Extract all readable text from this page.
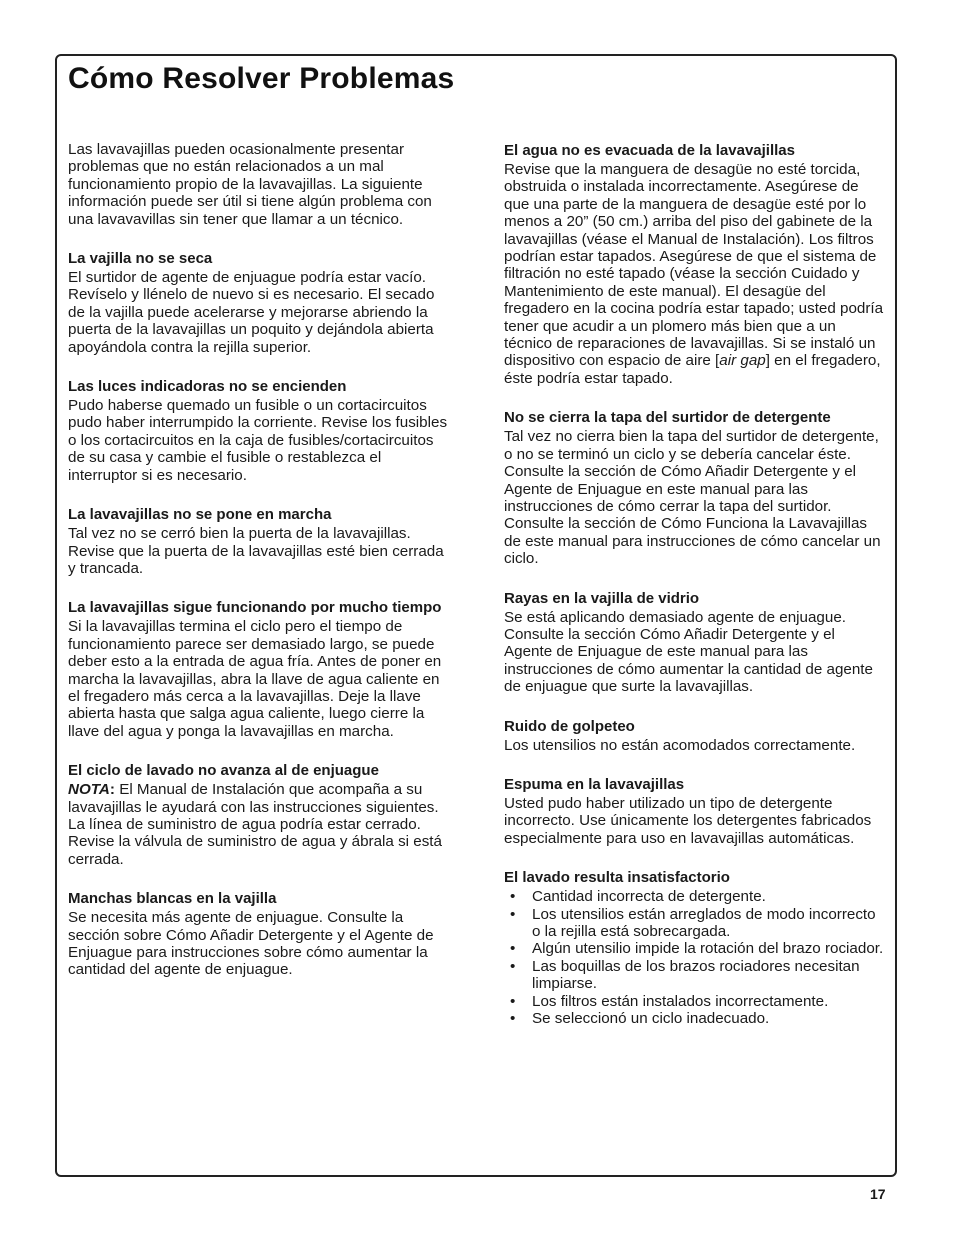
Cómo Resolver Problemas

Las lavavajillas pueden ocasionalmente presentar problemas que no están relacionados a un mal funcionamiento propio de la lavavajillas. La siguiente información puede ser útil si tiene algún problema con una lavavavillas sin tener que llamar a un técnico.

La vajilla no se seca

El surtidor de agente de enjuague podría estar vacío. Revíselo y llénelo de nuevo si es necesario. El secado de la vajilla puede acelerarse y mejorarse abriendo la puerta de la lavavajillas un poquito y dejándola abierta apoyándola contra la rejilla superior.

Las luces indicadoras no se encienden

Pudo haberse quemado un fusible o un cortacircuitos pudo haber interrumpido la corriente. Revise los fusibles o los cortacircuitos en la caja de fusibles/cortacircuitos de su casa y cambie el fusible o restablezca el interruptor si es necesario.

La lavavajillas no se pone en marcha

Tal vez no se cerró bien la puerta de la lavavajillas. Revise que la puerta de la lavavajillas esté bien cerrada y trancada.

La lavavajillas sigue funcionando por mucho tiempo

Si la lavavajillas termina el ciclo pero el tiempo de funcionamiento parece ser demasiado largo, se puede deber esto a la entrada de agua fría. Antes de poner en marcha la lavavajillas, abra la llave de agua caliente en el fregadero más cerca a la lavavajillas. Deje la llave abierta hasta que salga agua caliente, luego cierre la llave del agua y ponga la lavavajillas en marcha.

El ciclo de lavado no avanza al de enjuague

NOTA: El Manual de Instalación que acompaña a su lavavajillas le ayudará con las instrucciones siguientes. La línea de suministro de agua podría estar cerrado. Revise la válvula de suministro de agua y ábrala si está cerrada.

Manchas blancas en la vajilla

Se necesita más agente de enjuague. Consulte la sección sobre Cómo Añadir Detergente y el Agente de Enjuague para instrucciones sobre cómo aumentar la cantidad del agente de enjuague.

El agua no es evacuada de la lavavajillas

Revise que la manguera de desagüe no esté torcida, obstruida o instalada incorrectamente. Asegúrese de que una parte de la manguera de desagüe esté por lo menos a 20” (50 cm.) arriba del piso del gabinete de la lavavajillas (véase el Manual de Instalación). Los filtros podrían estar tapados. Asegúrese de que el sistema de filtración no esté tapado (véase la sección Cuidado y Mantenimiento de este manual). El desagüe del fregadero en la cocina podría estar tapado; usted podría tener que acudir a un plomero más bien que a un técnico de reparaciones de lavavajillas. Si se instaló un dispositivo con espacio de aire [air gap] en el fregadero, éste podría estar tapado.

No se cierra la tapa del surtidor de detergente

Tal vez no cierra bien la tapa del surtidor de detergente, o no se terminó un ciclo y se debería cancelar éste. Consulte la sección de Cómo Añadir Detergente y el Agente de Enjuague en este manual para las instrucciones de cómo cerrar la tapa del surtidor. Consulte la sección de Cómo Funciona la Lavavajillas de este manual para instrucciones de cómo cancelar un ciclo.

Rayas en la vajilla de vidrio

Se está aplicando demasiado agente de enjuague. Consulte la sección Cómo Añadir Detergente y el Agente de Enjuague de este manual para las instrucciones de cómo aumentar la cantidad de agente de enjuague que surte la lavavajillas.

Ruido de golpeteo

Los utensilios no están acomodados correctamente.

Espuma en la lavavajillas

Usted pudo haber utilizado un tipo de detergente incorrecto. Use únicamente los detergentes fabricados especialmente para uso en lavavajillas automáticas.

El lavado resulta insatisfactorio
• Cantidad incorrecta de detergente.
• Los utensilios están arreglados de modo incorrecto o la rejilla está sobrecargada.
• Algún utensilio impide la rotación del brazo rociador.
• Las boquillas de los brazos rociadores necesitan limpiarse.
• Los filtros están instalados incorrectamente.
• Se seleccionó un ciclo inadecuado.
17
